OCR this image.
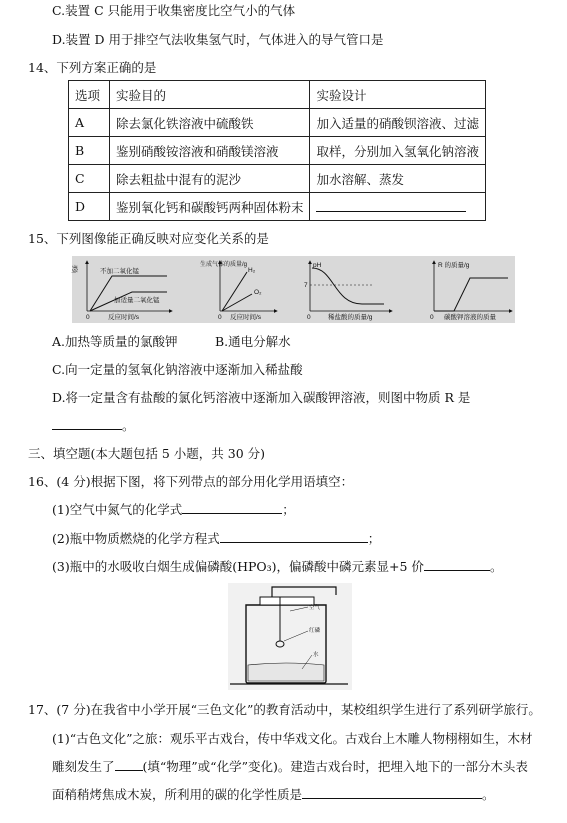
C.装置 C 只能用于收集密度比空气小的气体
D.装置 D 用于排空气法收集氢气时，气体进入的导气管口是
14、下列方案正确的是
选项	实验目的	实验设计
A	除去氯化铁溶液中硫酸铁	加入适量的硝酸钡溶液、过滤
B	鉴别硝酸铵溶液和硝酸镁溶液	取样，分别加入氢氧化钠溶液
C	除去粗盐中混有的泥沙	加水溶解、蒸发
D	鉴别氧化钙和碳酸钙两种固体粉末	
15、下列图像能正确反映对应变化关系的是
生成氧气的质量/g	不加二氧化锰
加适量二氧化锰
0	反应时间/s
生成气体的质量/g
H₂
O₂
0 反应时间/s
pH
7
0	稀盐酸的质量/g
R 的质量/g
0 碳酸钾溶液的质量
A.加热等质量的氯酸钾	B.通电分解水
C.向一定量的氢氧化钠溶液中逐渐加入稀盐酸
D.将一定量含有盐酸的氯化钙溶液中逐渐加入碳酸钾溶液，则图中物质 R 是
。
三、填空题(本大题包括 5 小题，共 30 分)
16、(4 分)根据下图，将下列带点的部分用化学用语填空：
(1)空气中氮气的化学式	；
(2)瓶中物质燃烧的化学方程式	；
(3)瓶中的水吸收白烟生成偏磷酸(HPO₃)，偏磷酸中磷元素显+5 价	。
空气
红磷
水
17、(7 分)在我省中小学开展“三色文化”的教育活动中，某校组织学生进行了系列研学旅行。
(1)“古色文化”之旅：观乐平古戏台，传中华戏文化。古戏台上木雕人物栩栩如生，木材
雕刻发生了 (填“物理”或“化学”变化)。建造古戏台时，把埋入地下的一部分木头表
面稍稍烤焦成木炭，所利用的碳的化学性质是	。
